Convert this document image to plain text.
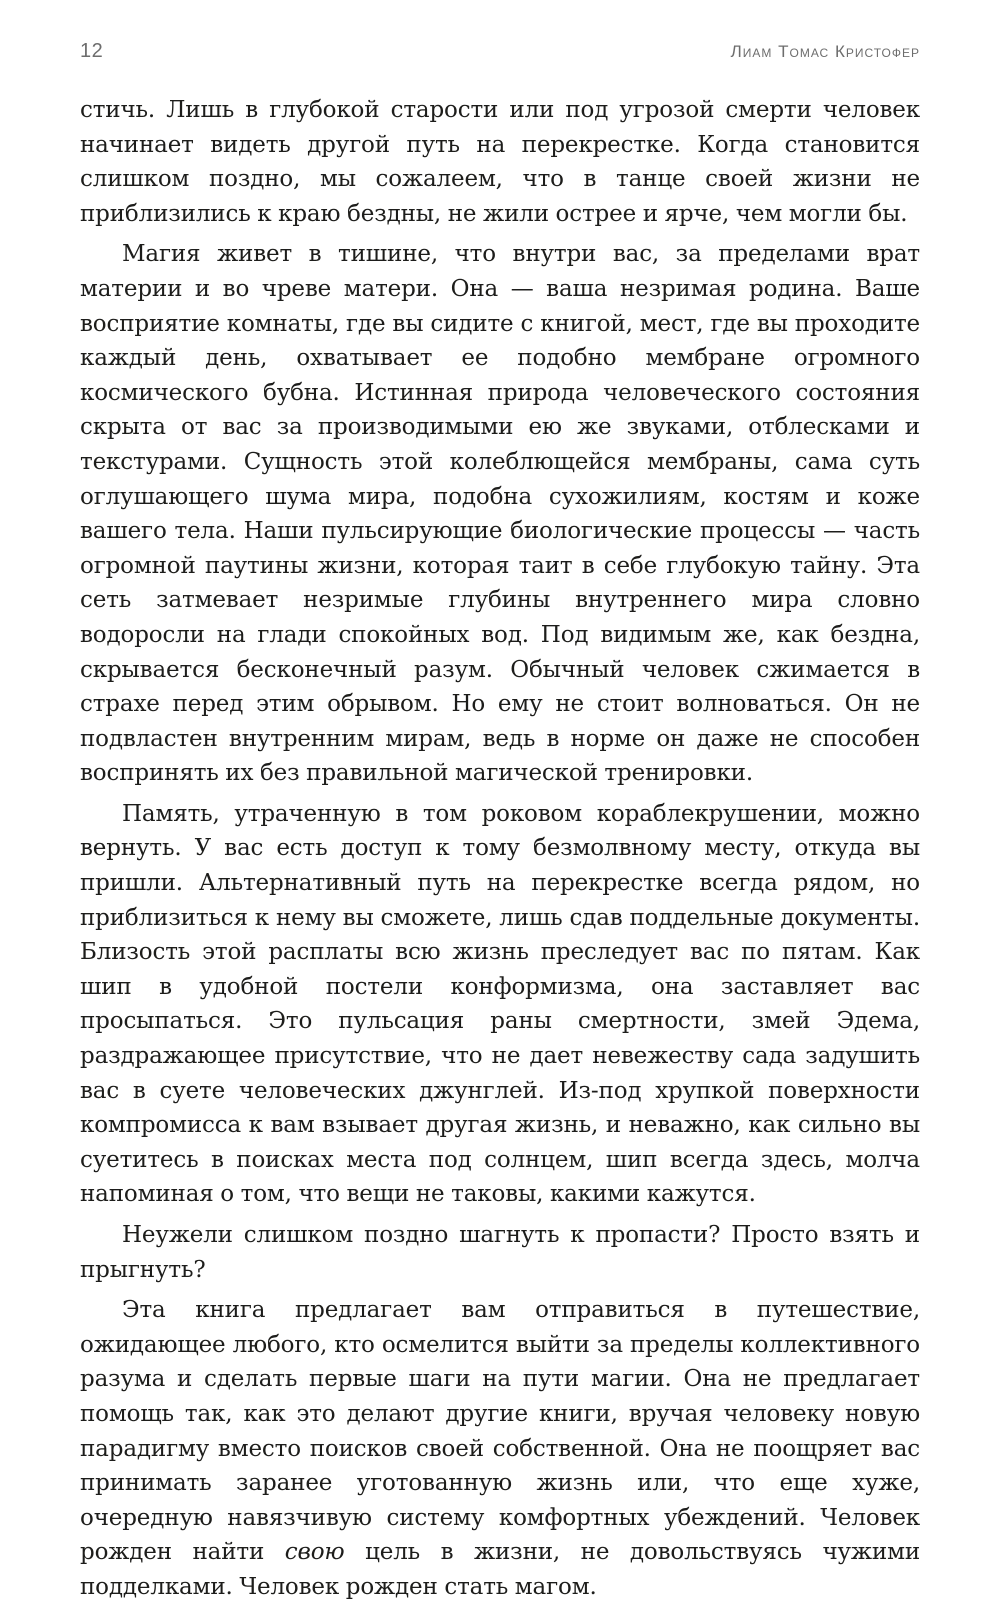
12	Лиам Томас Кристофер

стичь. Лишь в глубокой старости или под угрозой смерти человек начинает видеть другой путь на перекрестке. Когда становится слишком поздно, мы сожалеем, что в танце своей жизни не приблизились к краю бездны, не жили острее и ярче, чем могли бы.

Магия живет в тишине, что внутри вас, за пределами врат материи и во чреве матери. Она — ваша незримая родина. Ваше восприятие комнаты, где вы сидите с книгой, мест, где вы проходите каждый день, охватывает ее подобно мембране огромного космического бубна. Истинная природа человеческого состояния скрыта от вас за производимыми ею же звуками, отблесками и текстурами. Сущность этой колеблющейся мембраны, сама суть оглушающего шума мира, подобна сухожилиям, костям и коже вашего тела. Наши пульсирующие биологические процессы — часть огромной паутины жизни, которая таит в себе глубокую тайну. Эта сеть затмевает незримые глубины внутреннего мира словно водоросли на глади спокойных вод. Под видимым же, как бездна, скрывается бесконечный разум. Обычный человек сжимается в страхе перед этим обрывом. Но ему не стоит волноваться. Он не подвластен внутренним мирам, ведь в норме он даже не способен воспринять их без правильной магической тренировки.

Память, утраченную в том роковом кораблекрушении, можно вернуть. У вас есть доступ к тому безмолвному месту, откуда вы пришли. Альтернативный путь на перекрестке всегда рядом, но приблизиться к нему вы сможете, лишь сдав поддельные документы. Близость этой расплаты всю жизнь преследует вас по пятам. Как шип в удобной постели конформизма, она заставляет вас просыпаться. Это пульсация раны смертности, змей Эдема, раздражающее присутствие, что не дает невежеству сада задушить вас в суете человеческих джунглей. Из-под хрупкой поверхности компромисса к вам взывает другая жизнь, и неважно, как сильно вы суетитесь в поисках места под солнцем, шип всегда здесь, молча напоминая о том, что вещи не таковы, какими кажутся.

Неужели слишком поздно шагнуть к пропасти? Просто взять и прыгнуть?

Эта книга предлагает вам отправиться в путешествие, ожидающее любого, кто осмелится выйти за пределы коллективного разума и сделать первые шаги на пути магии. Она не предлагает помощь так, как это делают другие книги, вручая человеку новую парадигму вместо поисков своей собственной. Она не поощряет вас принимать заранее уготованную жизнь или, что еще хуже, очередную навязчивую систему комфортных убеждений. Человек рожден найти свою цель в жизни, не довольствуясь чужими подделками. Человек рожден стать магом.
